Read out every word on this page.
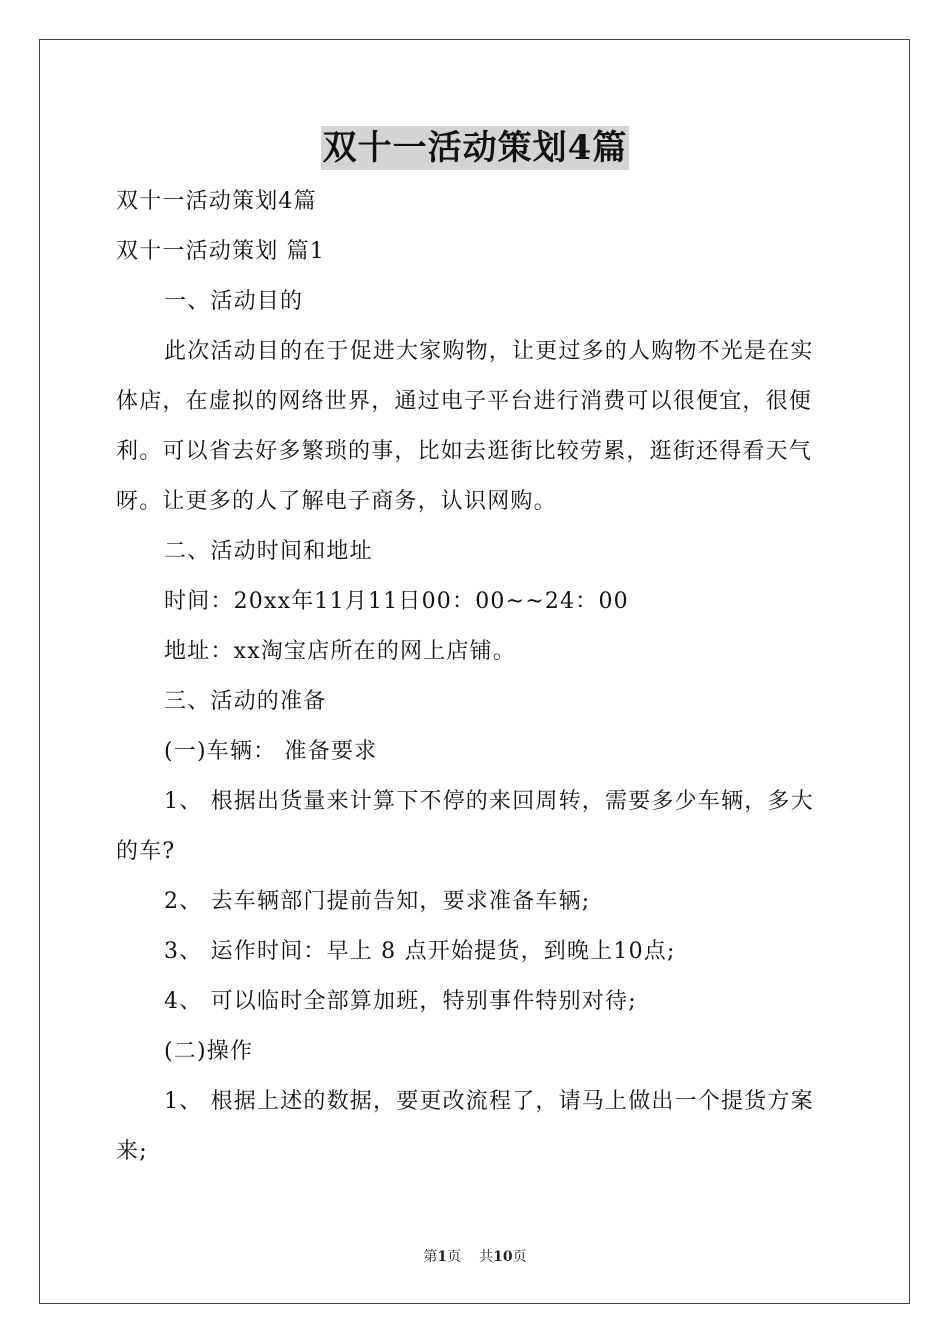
双十一活动策划4篇

双十一活动策划4篇

双十一活动策划 篇1

一、活动目的

此次活动目的在于促进大家购物，让更过多的人购物不光是在实体店，在虚拟的网络世界，通过电子平台进行消费可以很便宜，很便利。可以省去好多繁琐的事，比如去逛街比较劳累，逛街还得看天气呀。让更多的人了解电子商务，认识网购。

二、活动时间和地址

时间：20xx年11月11日00：00~~24：00

地址：xx淘宝店所在的网上店铺。

三、活动的准备

(一)车辆： 准备要求

1、 根据出货量来计算下不停的来回周转，需要多少车辆，多大的车?

2、 去车辆部门提前告知，要求准备车辆;

3、 运作时间：早上 8 点开始提货，到晚上10点;

4、 可以临时全部算加班，特别事件特别对待;

(二)操作

1、 根据上述的数据，要更改流程了，请马上做出一个提货方案来;

第1页 共10页
